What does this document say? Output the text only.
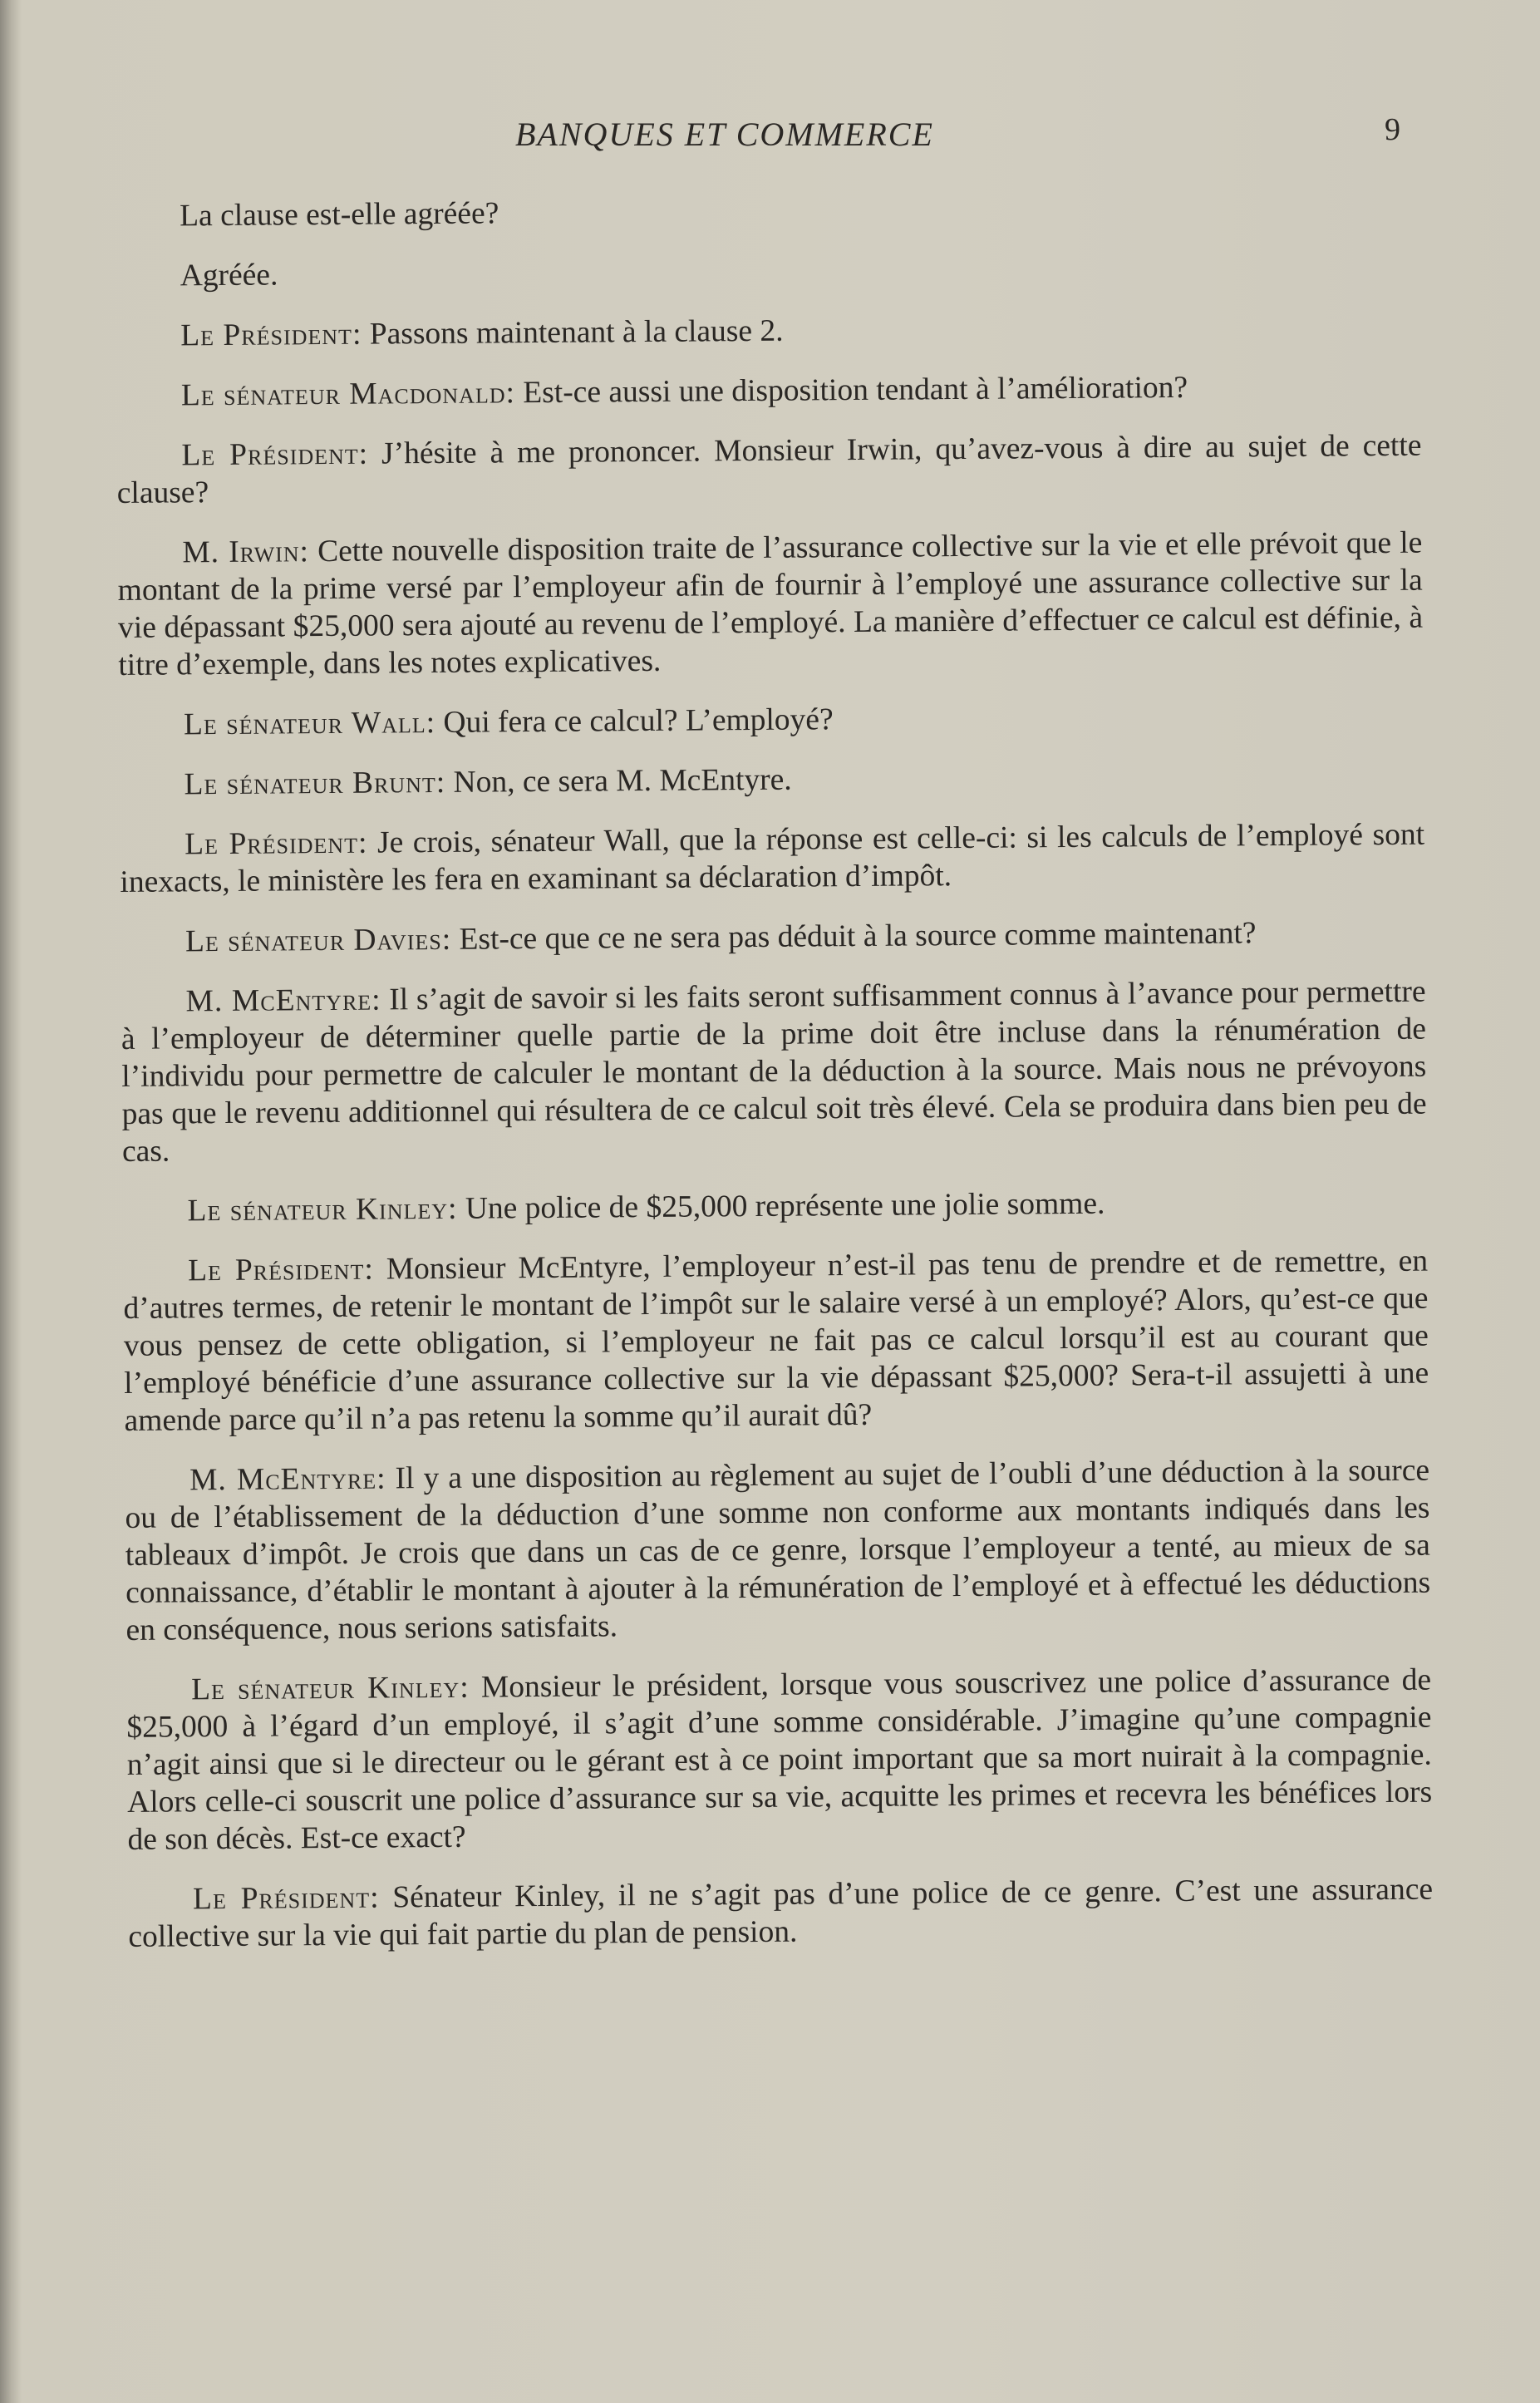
BANQUES ET COMMERCE	9

La clause est-elle agréée?

Agréée.

Le Président: Passons maintenant à la clause 2.

Le sénateur Macdonald: Est-ce aussi une disposition tendant à l’amélioration?

Le Président: J’hésite à me prononcer. Monsieur Irwin, qu’avez-vous à dire au sujet de cette clause?

M. Irwin: Cette nouvelle disposition traite de l’assurance collective sur la vie et elle prévoit que le montant de la prime versé par l’employeur afin de fournir à l’employé une assurance collective sur la vie dépassant $25,000 sera ajouté au revenu de l’employé. La manière d’effectuer ce calcul est définie, à titre d’exemple, dans les notes explicatives.

Le sénateur Wall: Qui fera ce calcul? L’employé?

Le sénateur Brunt: Non, ce sera M. McEntyre.

Le Président: Je crois, sénateur Wall, que la réponse est celle-ci: si les calculs de l’employé sont inexacts, le ministère les fera en examinant sa déclaration d’impôt.

Le sénateur Davies: Est-ce que ce ne sera pas déduit à la source comme maintenant?

M. McEntyre: Il s’agit de savoir si les faits seront suffisamment connus à l’avance pour permettre à l’employeur de déterminer quelle partie de la prime doit être incluse dans la rénumération de l’individu pour permettre de calculer le montant de la déduction à la source. Mais nous ne prévoyons pas que le revenu additionnel qui résultera de ce calcul soit très élevé. Cela se produira dans bien peu de cas.

Le sénateur Kinley: Une police de $25,000 représente une jolie somme.

Le Président: Monsieur McEntyre, l’employeur n’est-il pas tenu de prendre et de remettre, en d’autres termes, de retenir le montant de l’impôt sur le salaire versé à un employé? Alors, qu’est-ce que vous pensez de cette obligation, si l’employeur ne fait pas ce calcul lorsqu’il est au courant que l’employé bénéficie d’une assurance collective sur la vie dépassant $25,000? Sera-t-il assujetti à une amende parce qu’il n’a pas retenu la somme qu’il aurait dû?

M. McEntyre: Il y a une disposition au règlement au sujet de l’oubli d’une déduction à la source ou de l’établissement de la déduction d’une somme non conforme aux montants indiqués dans les tableaux d’impôt. Je crois que dans un cas de ce genre, lorsque l’employeur a tenté, au mieux de sa connaissance, d’établir le montant à ajouter à la rémunération de l’employé et à effectué les déductions en conséquence, nous serions satisfaits.

Le sénateur Kinley: Monsieur le président, lorsque vous souscrivez une police d’assurance de $25,000 à l’égard d’un employé, il s’agit d’une somme considérable. J’imagine qu’une compagnie n’agit ainsi que si le directeur ou le gérant est à ce point important que sa mort nuirait à la compagnie. Alors celle-ci souscrit une police d’assurance sur sa vie, acquitte les primes et recevra les bénéfices lors de son décès. Est-ce exact?

Le Président: Sénateur Kinley, il ne s’agit pas d’une police de ce genre. C’est une assurance collective sur la vie qui fait partie du plan de pension.
